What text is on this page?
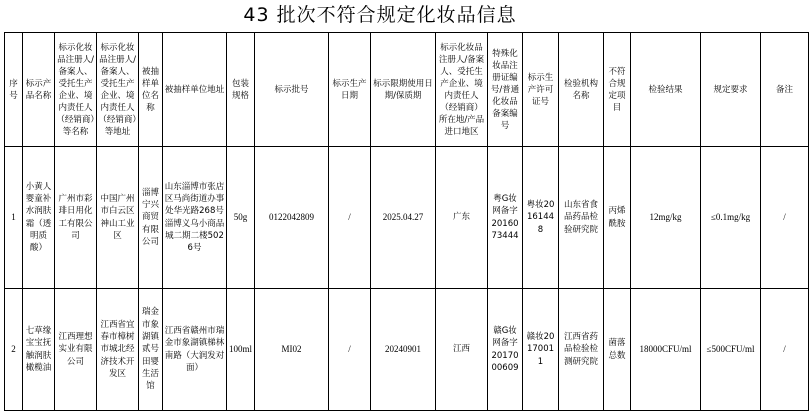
43 批次不符合规定化妆品信息
序号	标示产品名称	标示化妆品注册人/备案人、受托生产企业、境内责任人（经销商）等名称	标示化妆品注册人/备案人、受托生产企业、境内责任人（经销商）等地址	被抽样单位名称	被抽样单位地址	包装规格	标示批号	标示生产日期	标示限期使用日期/保质期	标示化妆品注册人/备案人、受托生产企业、境内责任人（经销商）所在地/产品进口地区	特殊化妆品注册证编号/普通化妆品备案编号	标示生产许可证号	检验机构名称	不符合规定项目	检验结果	规定要求	备注
1	小黄人婴童补水润肤霜（透明质酸）	广州市彩琲日用化工有限公司	中国广州市白云区神山工业区	淄博宁兴商贸有限公司	山东淄博市张店区马尚街道办事处华光路268号淄博义乌小商品城二期二楼5026号	50g	0122042809	/	2025.04.27	广东	粤G妆网备字2016073444	粤妆20161448	山东省食品药品检验研究院	丙烯酰胺	12mg/kg	≤0.1mg/kg	/
2	七草缘宝宝抚触润肤橄榄油	江西理想实业有限公司	江西省宜春市樟树市城北经济技术开发区	瑞金市象湖镇贰号田婴生活馆	江西省赣州市瑞金市象湖镇梯林南路（大润发对面）	100ml	MI02	/	20240901	江西	赣G妆网备字2017000609	赣妆20170011	江西省药品检验检测研究院	菌落总数	18000CFU/ml	≤500CFU/ml	/
